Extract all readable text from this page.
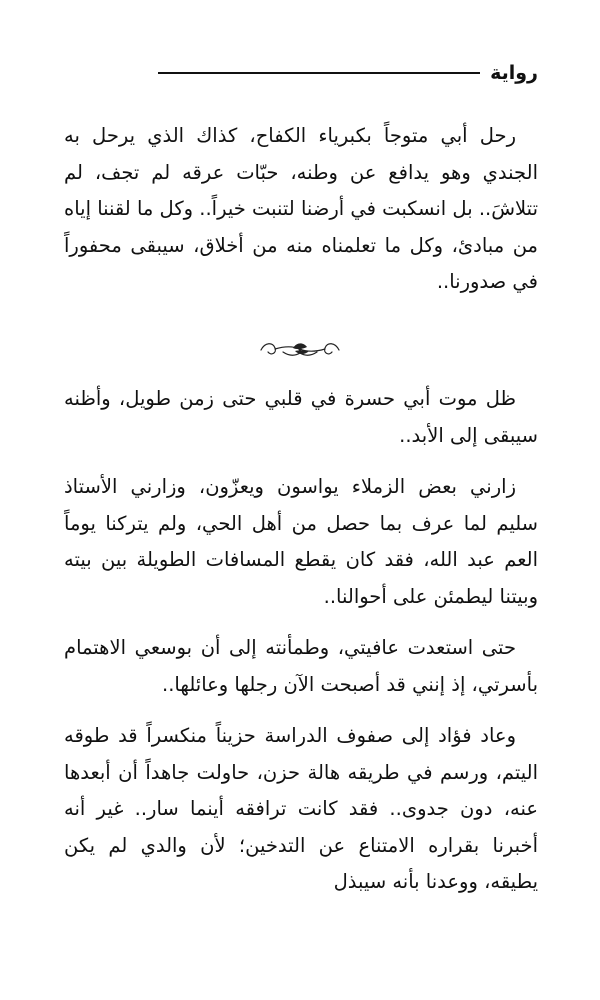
رواية

رحل أبي متوجاً بكبرياء الكفاح، كذاك الذي يرحل به الجندي وهو يدافع عن وطنه، حبّات عرقه لم تجف، لم تتلاشَ.. بل انسكبت في أرضنا لتنبت خيراً.. وكل ما لقننا إياه من مبادئ، وكل ما تعلمناه منه من أخلاق، سيبقى محفوراً في صدورنا..

ظل موت أبي حسرة في قلبي حتى زمن طويل، وأظنه سيبقى إلى الأبد..

زارني بعض الزملاء يواسون ويعزّون، وزارني الأستاذ سليم لما عرف بما حصل من أهل الحي، ولم يتركنا يوماً العم عبد الله، فقد كان يقطع المسافات الطويلة بين بيته وبيتنا ليطمئن على أحوالنا..

حتى استعدت عافيتي، وطمأنته إلى أن بوسعي الاهتمام بأسرتي، إذ إنني قد أصبحت الآن رجلها وعائلها..

وعاد فؤاد إلى صفوف الدراسة حزيناً منكسراً قد طوقه اليتم، ورسم في طريقه هالة حزن، حاولت جاهداً أن أبعدها عنه، دون جدوى.. فقد كانت ترافقه أينما سار.. غير أنه أخبرنا بقراره الامتناع عن التدخين؛ لأن والدي لم يكن يطيقه، ووعدنا بأنه سيبذل
